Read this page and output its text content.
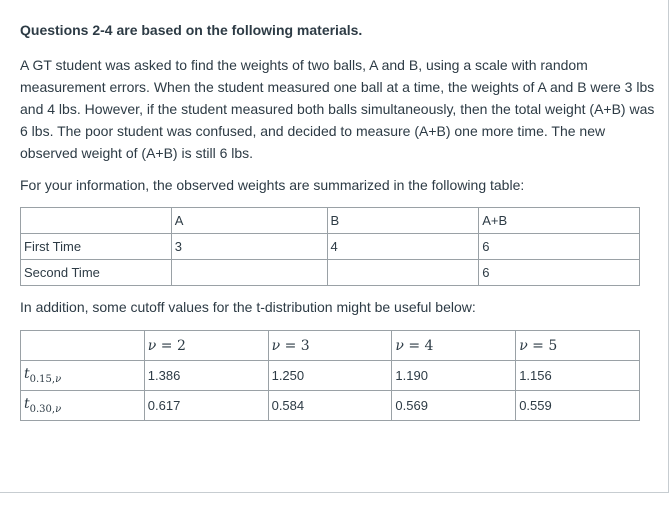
Questions 2-4 are based on the following materials.
A GT student was asked to find the weights of two balls, A and B, using a scale with random measurement errors. When the student measured one ball at a time, the weights of A and B were 3 lbs and 4 lbs. However, if the student measured both balls simultaneously, then the total weight (A+B) was 6 lbs. The poor student was confused, and decided to measure (A+B) one more time. The new observed weight of (A+B) is still 6 lbs.
For your information, the observed weights are summarized in the following table:
	A	B	A+B
First Time	3	4	6
Second Time			6
In addition, some cutoff values for the t-distribution might be useful below:
	ν = 2	ν = 3	ν = 4	ν = 5
$t_{0.15,\nu}$	1.386	1.250	1.190	1.156
$t_{0.30,\nu}$	0.617	0.584	0.569	0.559
